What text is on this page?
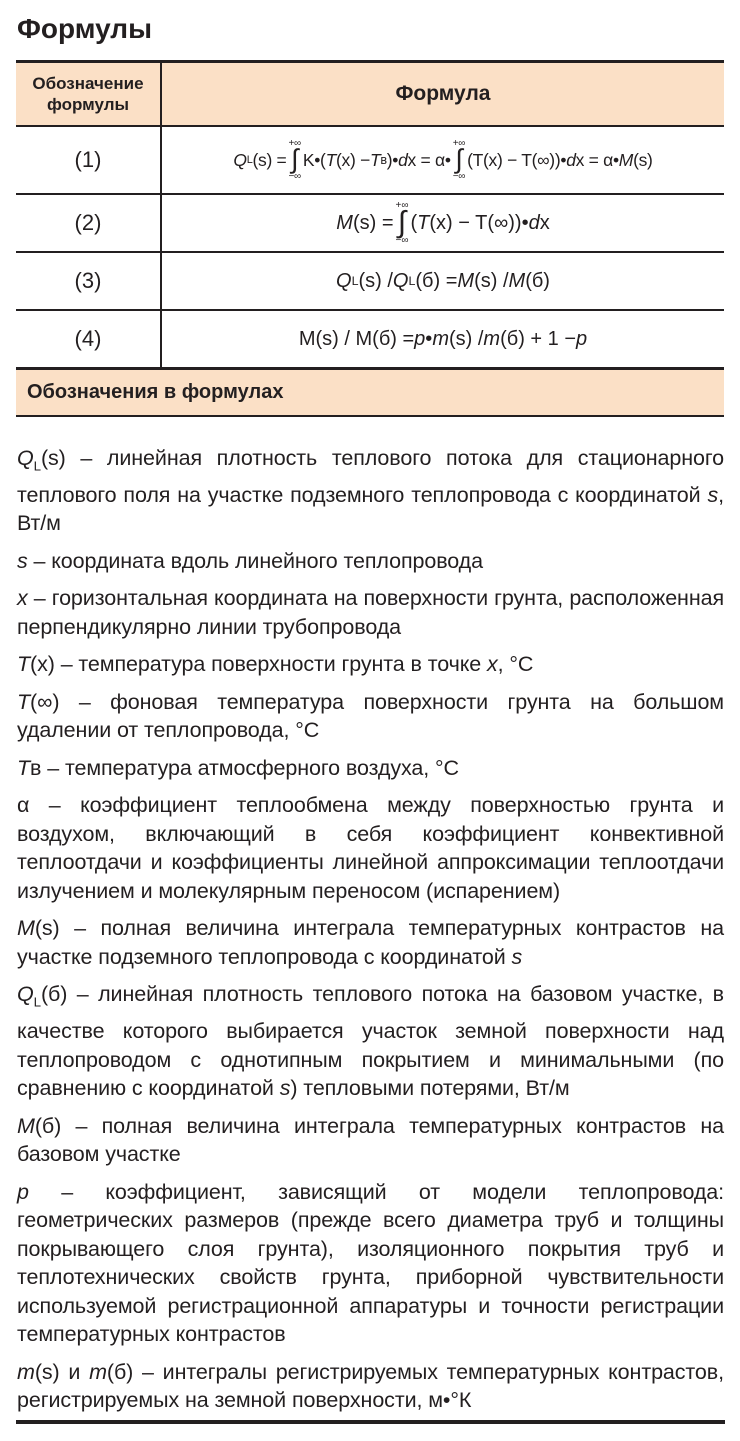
Формулы
Обозначение формулы	Формула
(1)	Q L (s) =
+∞
∫
−∞
K•( T (x) − T в )• d x = α•
+∞
∫
−∞
(T(x) − T(∞))• d x = α• M (s)
(2)	M (s) =
+∞
∫
−∞
( T (x) − T(∞))• d x
(3)	Q L (s) / Q L (б) = M (s) / M (б)
(4)	M(s) / M(б) = p • m (s) / m (б) + 1 − p
Обозначения в формулах

$Q_L(s)$ – линейная плотность теплового потока для стационарного теплового поля на участке подземного теплопровода с координатой s, Вт/м

s – координата вдоль линейного теплопровода

x – горизонтальная координата на поверхности грунта, расположенная перпендикулярно линии трубопровода

T(x) – температура поверхности грунта в точке x, °С

T(∞) – фоновая температура поверхности грунта на большом удалении от теплопровода, °С

Tв – температура атмосферного воздуха, °С

α – коэффициент теплообмена между поверхностью грунта и воздухом, включающий в себя коэффициент конвективной теплоотдачи и коэффициенты линейной аппроксимации теплоотдачи излучением и молекулярным переносом (испарением)

M(s) – полная величина интеграла температурных контрастов на участке подземного теплопровода с координатой s

$Q_L(б)$ – линейная плотность теплового потока на базовом участке, в качестве которого выбирается участок земной поверхности над теплопроводом с однотипным покрытием и минимальными (по сравнению с координатой s) тепловыми потерями, Вт/м

M(б) – полная величина интеграла температурных контрастов на базовом участке

p – коэффициент, зависящий от модели теплопровода: геометрических размеров (прежде всего диаметра труб и толщины покрывающего слоя грунта), изоляционного покрытия труб и теплотехнических свойств грунта, приборной чувствительности используемой регистрационной аппаратуры и точности регистрации температурных контрастов

m(s) и m(б) – интегралы регистрируемых температурных контрастов, регистрируемых на земной поверхности, м•°К
